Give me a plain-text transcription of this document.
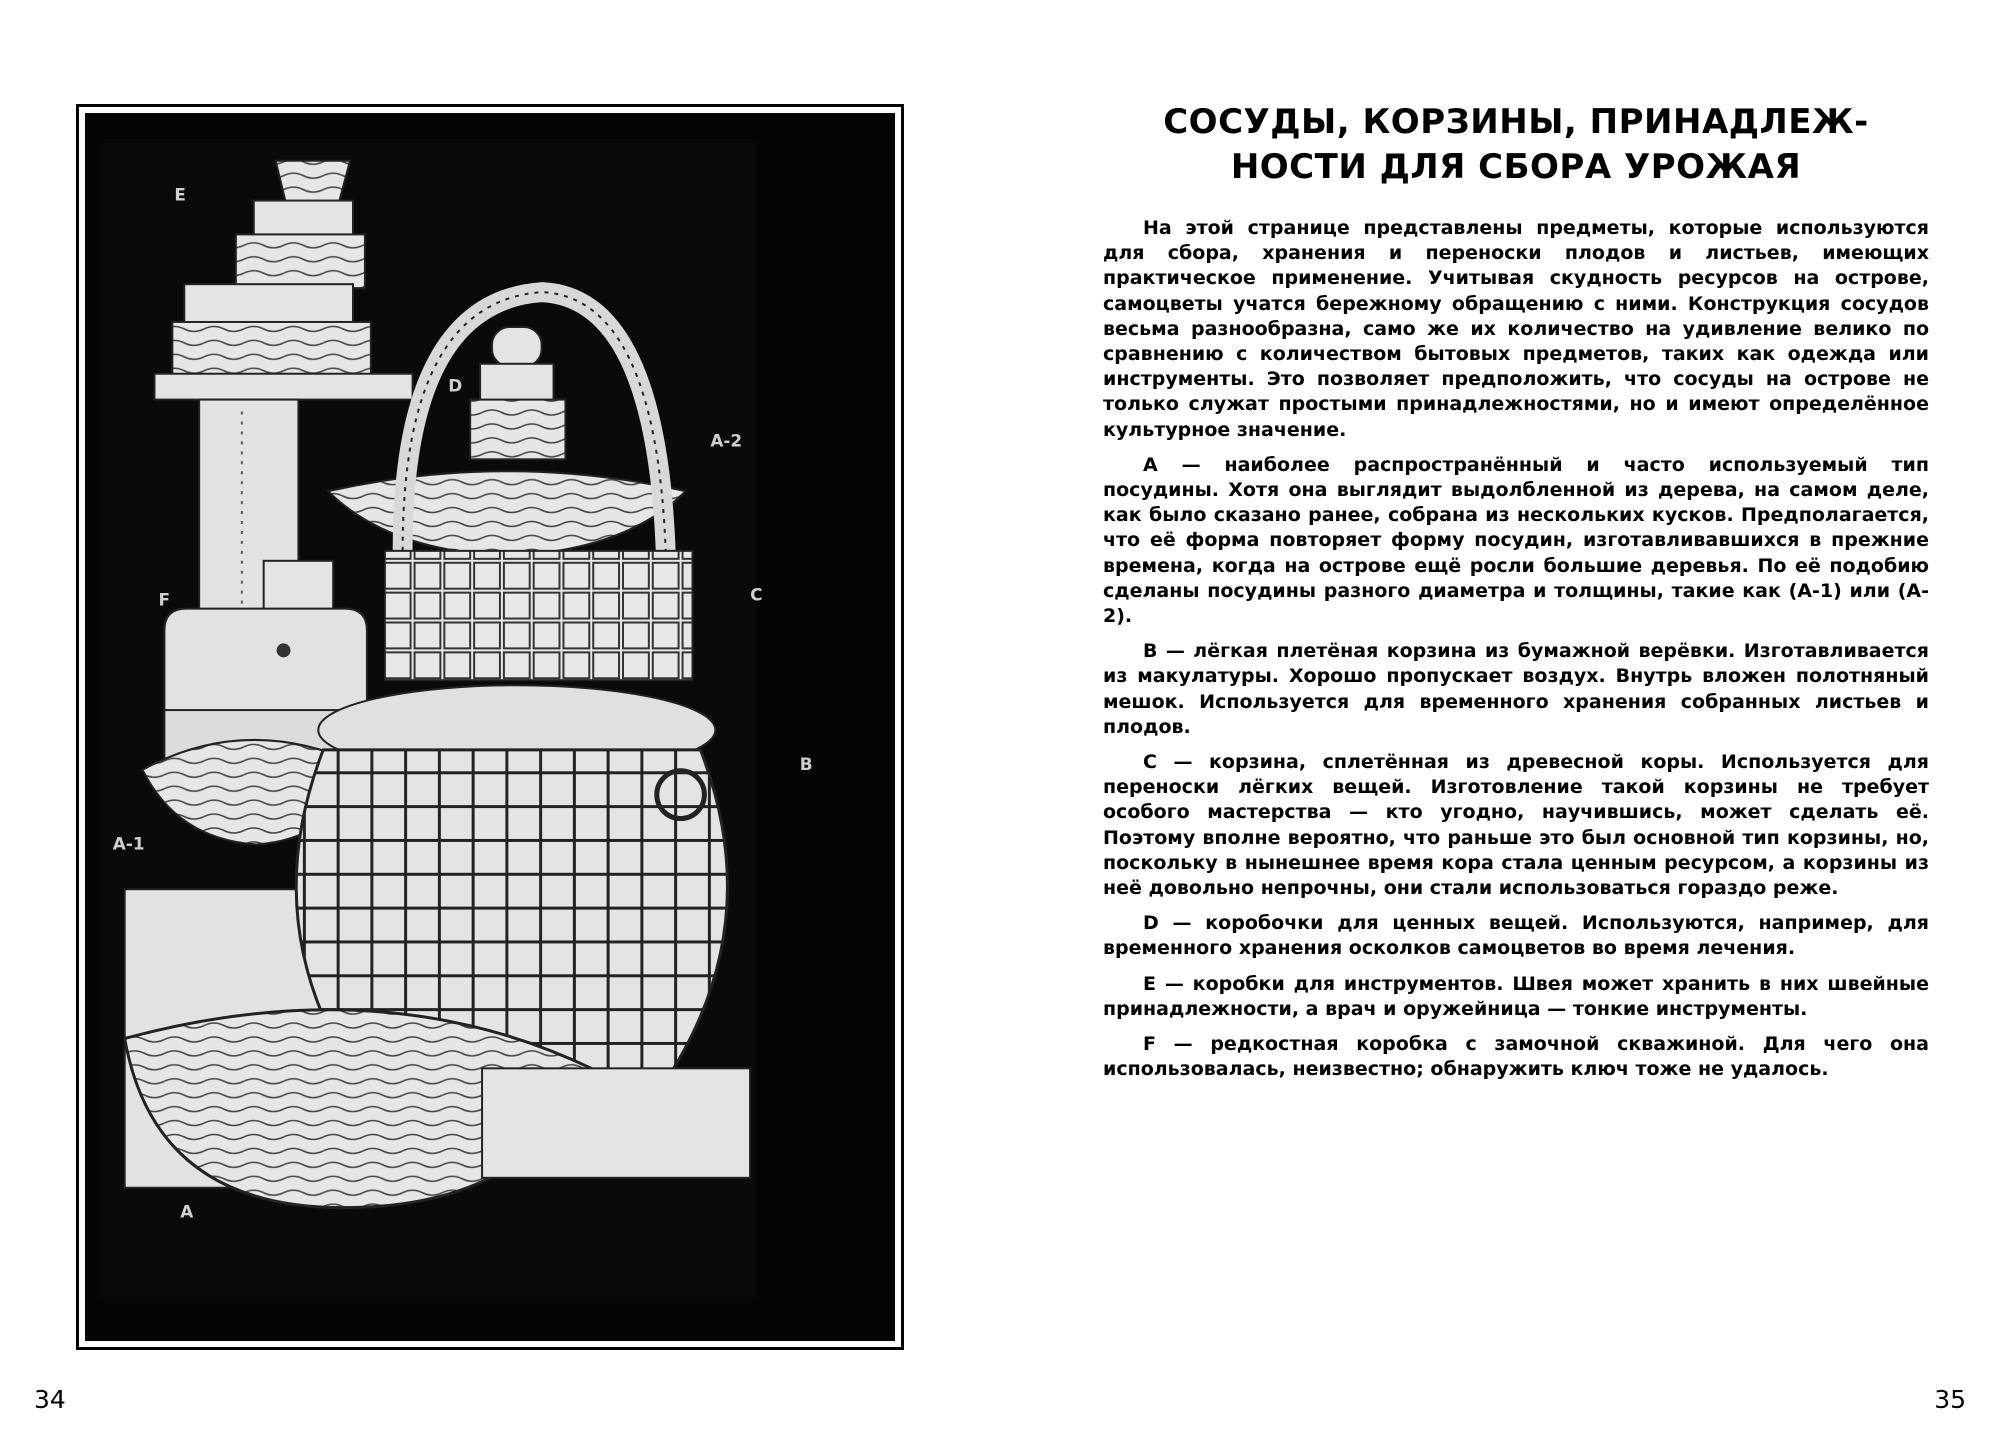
E
D
A-2
F	C
B
A-1
A
34
СОСУДЫ, КОРЗИНЫ, ПРИНАДЛЕЖ-
НОСТИ ДЛЯ СБОРА УРОЖАЯ

На этой странице представлены предметы, которые используются для сбора, хранения и переноски плодов и листьев, имеющих практическое применение. Учитывая скудность ресурсов на острове, самоцветы учатся бережному обращению с ними. Конструкция сосудов весьма разнообразна, само же их количество на удивление велико по сравнению с количеством бытовых предметов, таких как одежда или инструменты. Это позволяет предположить, что сосуды на острове не только служат простыми принадлежностями, но и имеют определённое культурное значение.

A — наиболее распространённый и часто используемый тип посудины. Хотя она выглядит выдолбленной из дерева, на самом деле, как было сказано ранее, собрана из нескольких кусков. Предполагается, что её форма повторяет форму посудин, изготавливавшихся в прежние времена, когда на острове ещё росли большие деревья. По её подобию сделаны посудины разного диаметра и толщины, такие как (A-1) или (A-2).

B — лёгкая плетёная корзина из бумажной верёвки. Изготавливается из макулатуры. Хорошо пропускает воздух. Внутрь вложен полотняный мешок. Используется для временного хранения собранных листьев и плодов.

C — корзина, сплетённая из древесной коры. Используется для переноски лёгких вещей. Изготовление такой корзины не требует особого мастерства — кто угодно, научившись, может сделать её. Поэтому вполне вероятно, что раньше это был основной тип корзины, но, поскольку в нынешнее время кора стала ценным ресурсом, а корзины из неё довольно непрочны, они стали использоваться гораздо реже.

D — коробочки для ценных вещей. Используются, например, для временного хранения осколков самоцветов во время лечения.

E — коробки для инструментов. Швея может хранить в них швейные принадлежности, а врач и оружейница — тонкие инструменты.

F — редкостная коробка с замочной скважиной. Для чего она использовалась, неизвестно; обнаружить ключ тоже не удалось.

35
